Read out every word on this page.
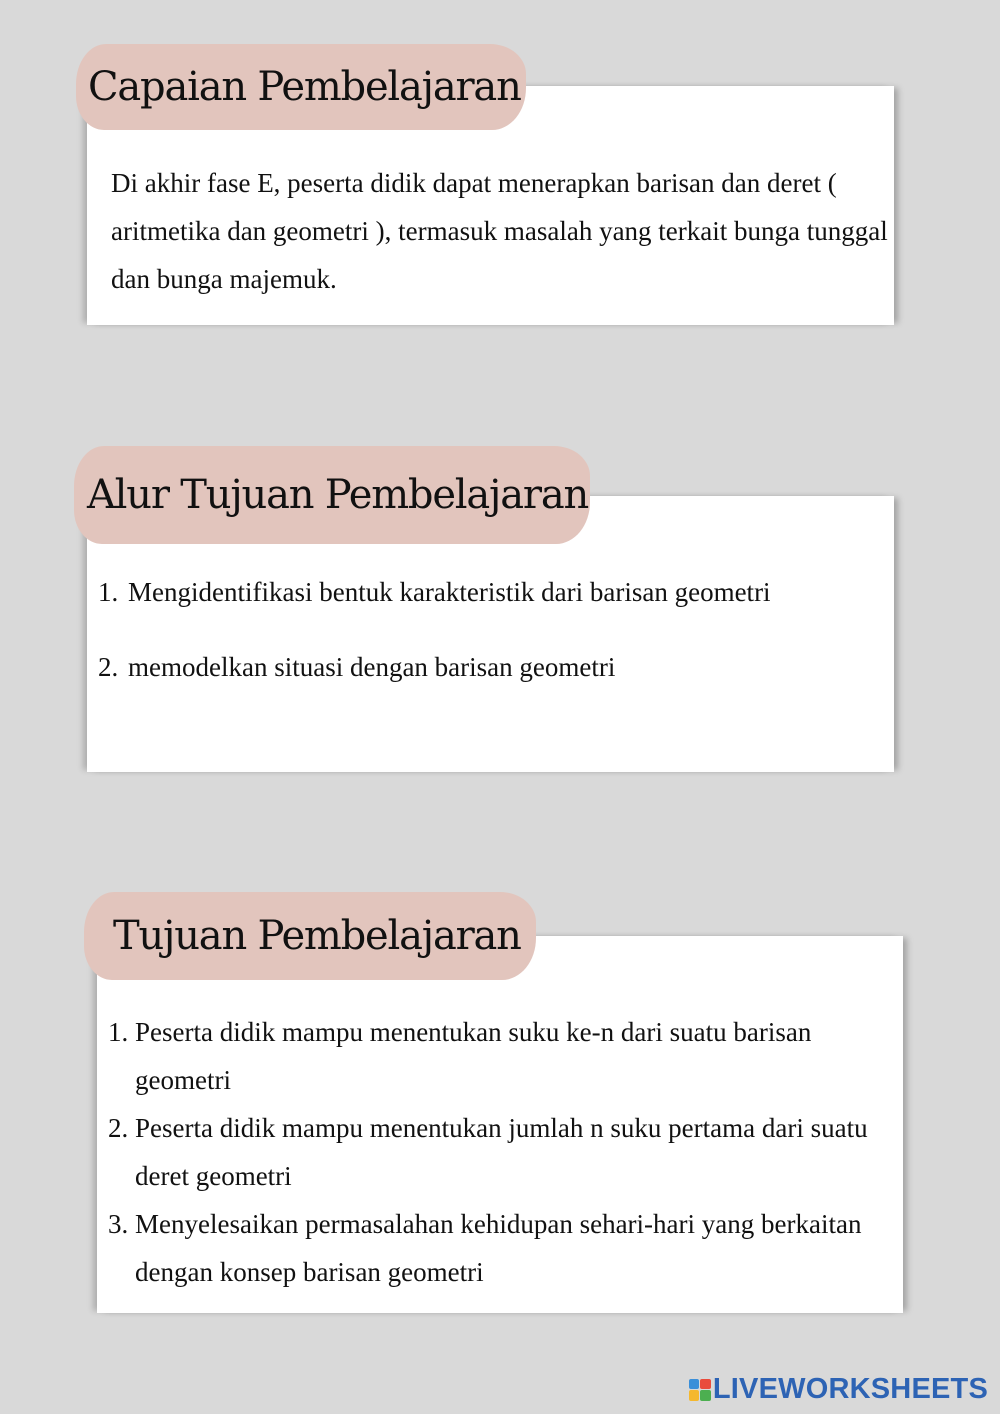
Capaian Pembelajaran

Di akhir fase E, peserta didik dapat menerapkan barisan dan deret ( aritmetika dan geometri ), termasuk masalah yang terkait bunga tunggal dan bunga majemuk.

Alur Tujuan Pembelajaran
1. Mengidentifikasi bentuk karakteristik dari barisan geometri
2. memodelkan situasi dengan barisan geometri
Tujuan Pembelajaran
1. Peserta didik mampu menentukan suku ke-n dari suatu barisan geometri
2. Peserta didik mampu menentukan jumlah n suku pertama dari suatu deret geometri
3. Menyelesaikan permasalahan kehidupan sehari-hari yang berkaitan dengan konsep barisan geometri
LIVEWORKSHEETS
